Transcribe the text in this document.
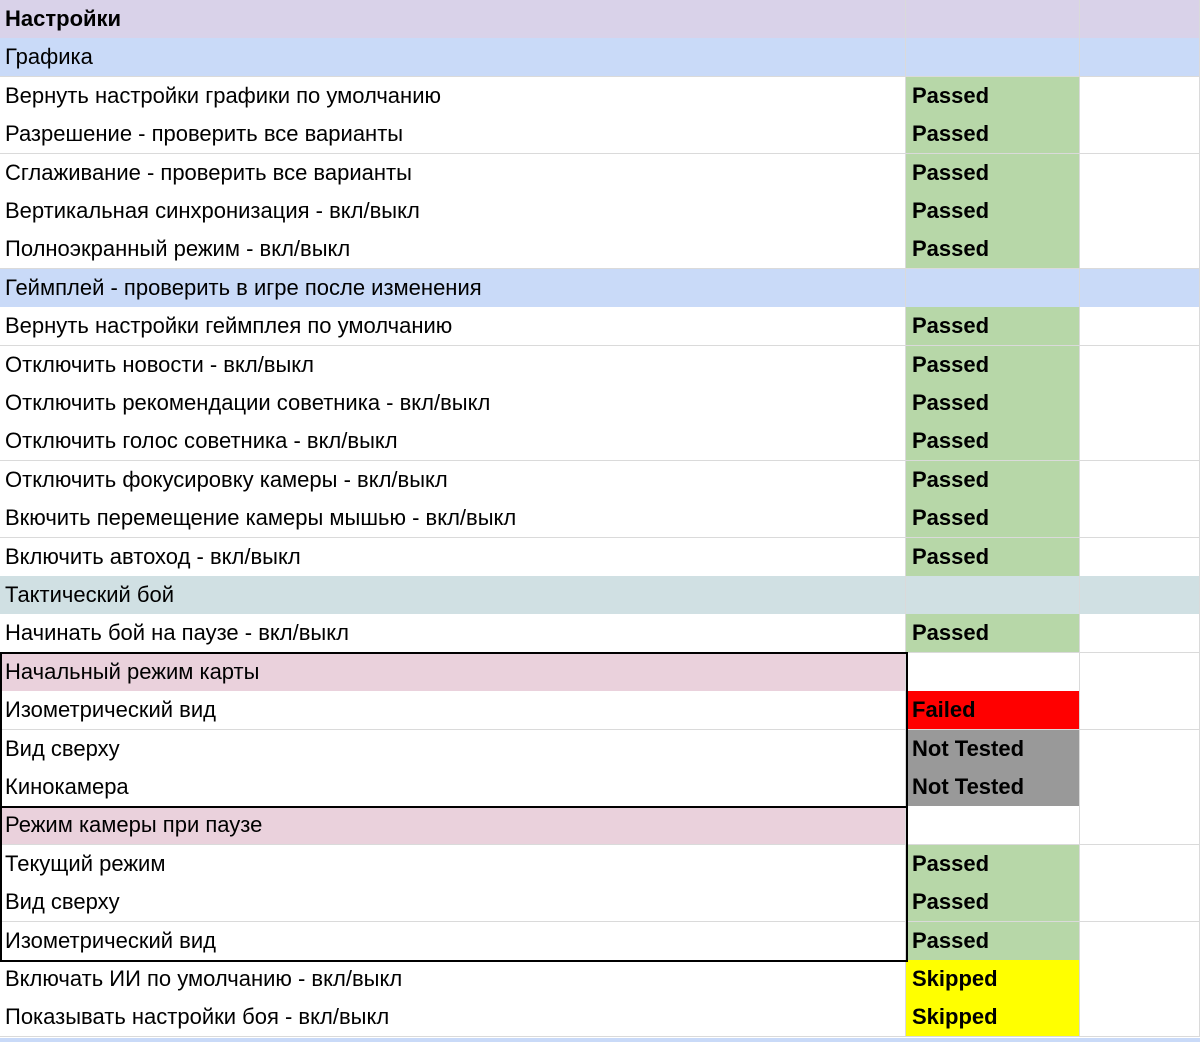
Настройки
Графика
Вернуть настройки графики по умолчанию	Passed
Разрешение - проверить все варианты	Passed
Сглаживание - проверить все варианты	Passed
Вертикальная синхронизация - вкл/выкл	Passed
Полноэкранный режим - вкл/выкл	Passed
Геймплей - проверить в игре после изменения
Вернуть настройки геймплея по умолчанию	Passed
Отключить новости - вкл/выкл	Passed
Отключить рекомендации советника - вкл/выкл	Passed
Отключить голос советника - вкл/выкл	Passed
Отключить фокусировку камеры - вкл/выкл	Passed
Вкючить перемещение камеры мышью - вкл/выкл	Passed
Включить автоход - вкл/выкл	Passed
Тактический бой
Начинать бой на паузе - вкл/выкл	Passed
Начальный режим карты
Изометрический вид	Failed
Вид сверху	Not Tested
Кинокамера	Not Tested
Режим камеры при паузе
Текущий режим	Passed
Вид сверху	Passed
Изометрический вид	Passed
Включать ИИ по умолчанию - вкл/выкл	Skipped
Показывать настройки боя - вкл/выкл	Skipped
